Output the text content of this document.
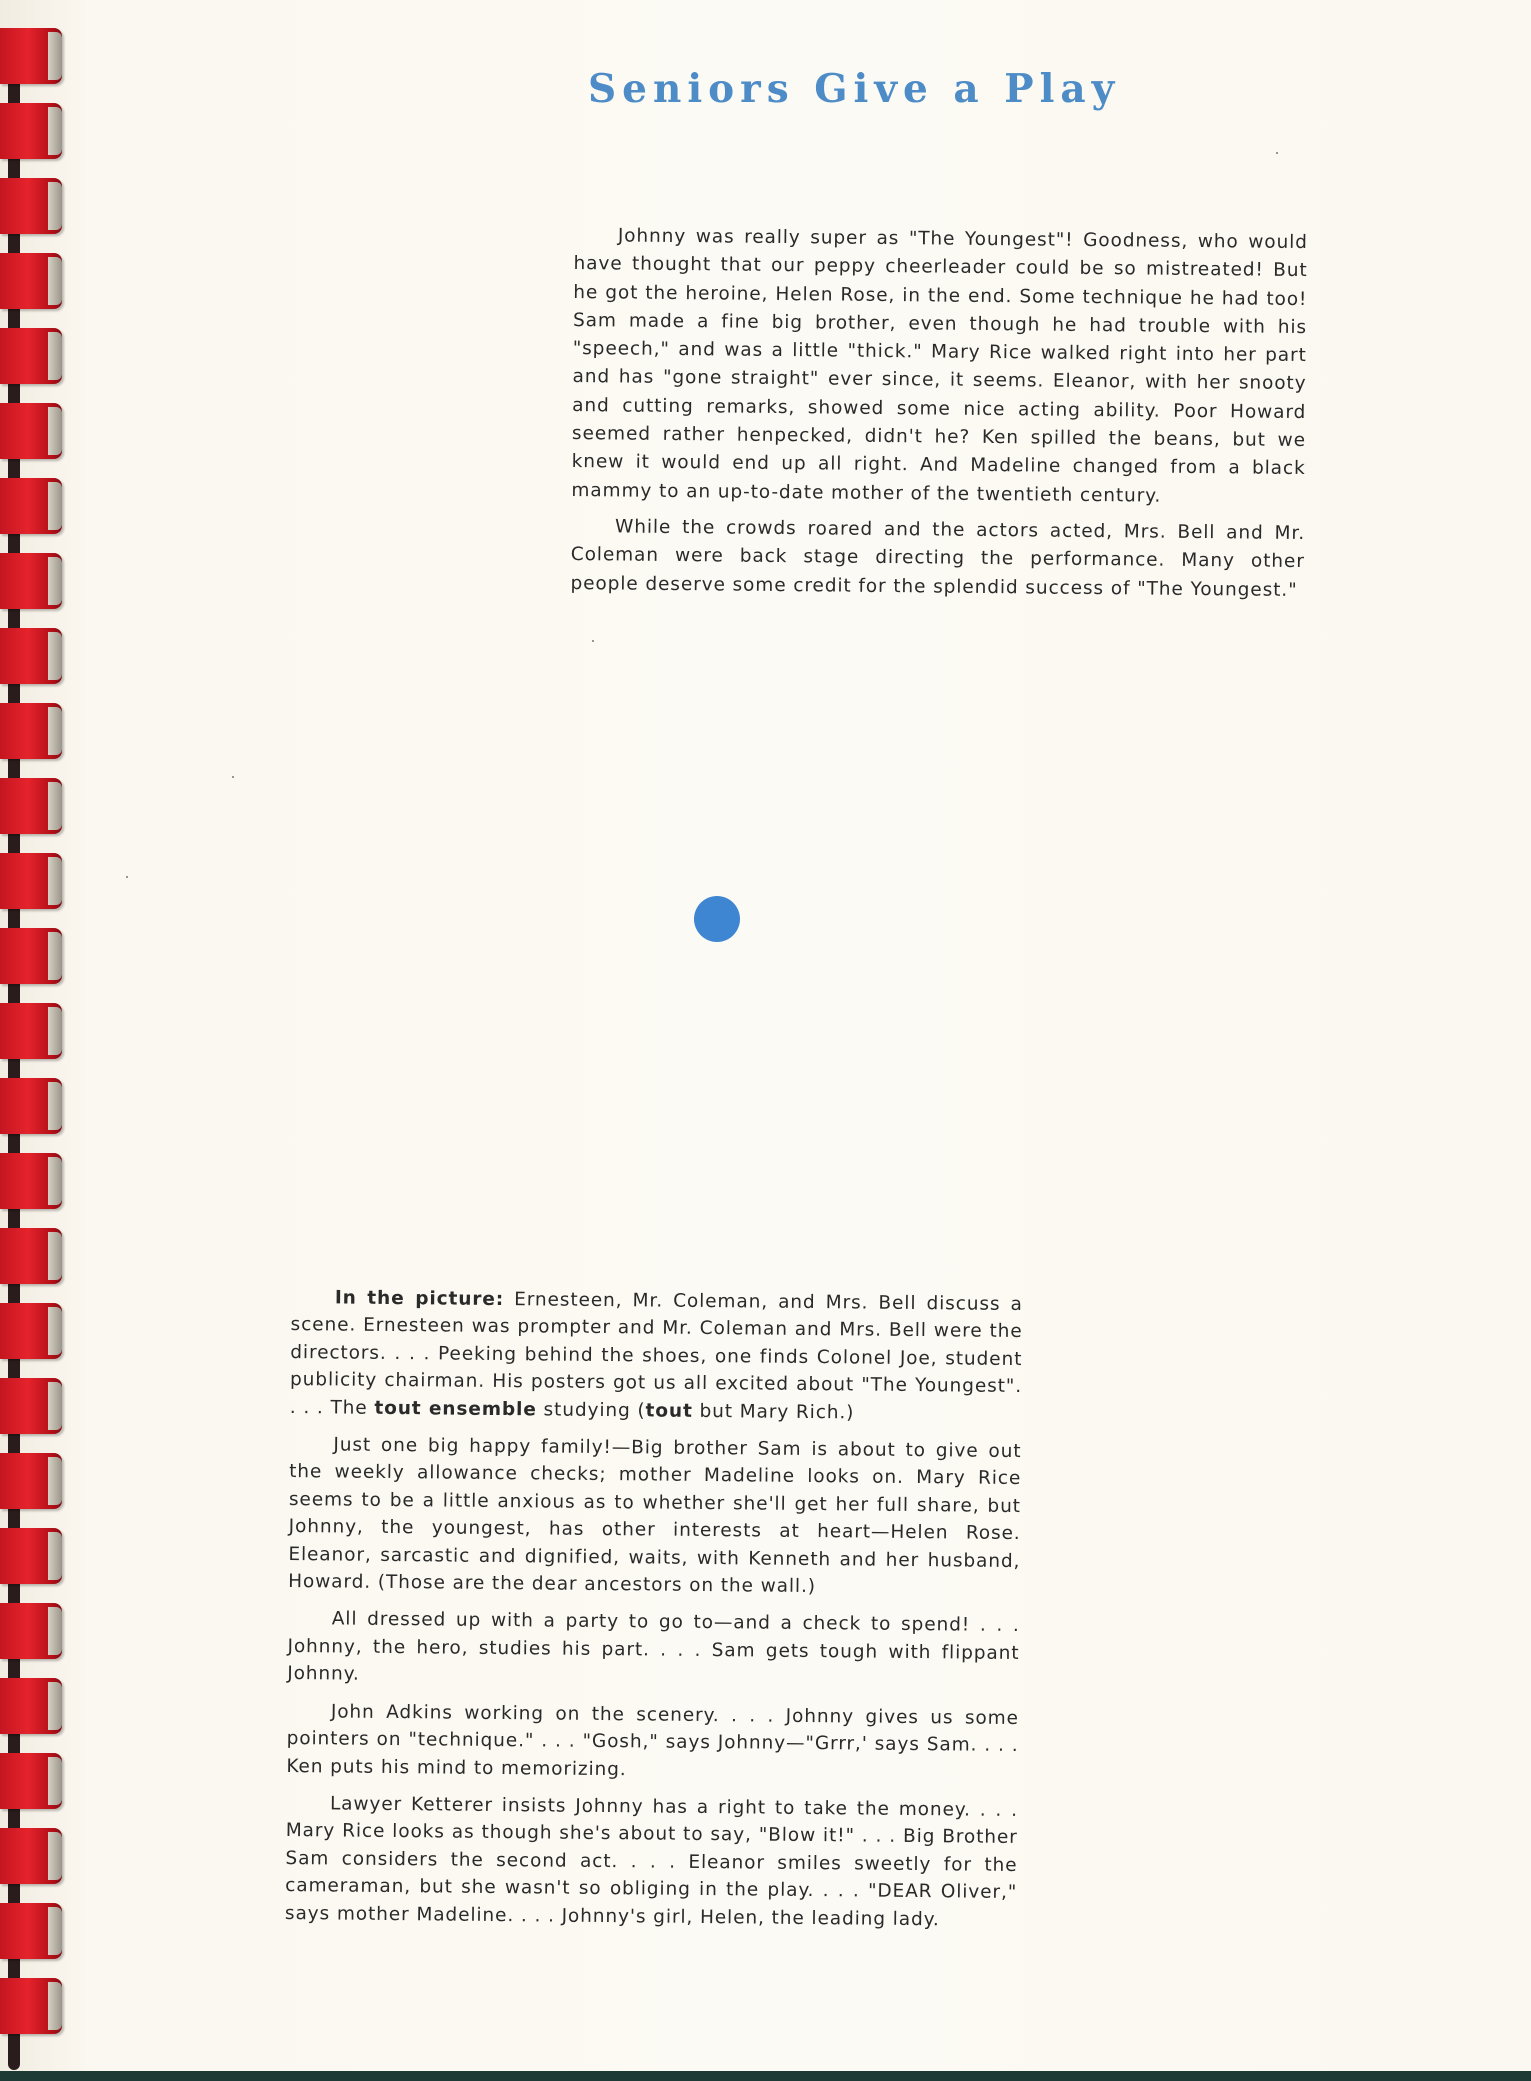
Seniors Give a Play

Johnny was really super as "The Youngest"! Goodness, who would have thought that our peppy cheerleader could be so mistreated! But he got the heroine, Helen Rose, in the end. Some technique he had too! Sam made a fine big brother, even though he had trouble with his "speech," and was a little "thick." Mary Rice walked right into her part and has "gone straight" ever since, it seems. Eleanor, with her snooty and cutting remarks, showed some nice acting ability. Poor Howard seemed rather henpecked, didn't he? Ken spilled the beans, but we knew it would end up all right. And Madeline changed from a black mammy to an up-to-date mother of the twentieth century.

While the crowds roared and the actors acted, Mrs. Bell and Mr. Coleman were back stage directing the performance. Many other people deserve some credit for the splendid success of "The Youngest."

In the picture: Ernesteen, Mr. Coleman, and Mrs. Bell discuss a scene. Ernesteen was prompter and Mr. Coleman and Mrs. Bell were the directors. . . . Peeking behind the shoes, one finds Colonel Joe, student publicity chairman. His posters got us all excited about "The Youngest". . . . The tout ensemble studying (tout but Mary Rich.)

Just one big happy family!—Big brother Sam is about to give out the weekly allowance checks; mother Madeline looks on. Mary Rice seems to be a little anxious as to whether she'll get her full share, but Johnny, the youngest, has other interests at heart—Helen Rose. Eleanor, sarcastic and dignified, waits, with Kenneth and her husband, Howard. (Those are the dear ancestors on the wall.)

All dressed up with a party to go to—and a check to spend! . . . Johnny, the hero, studies his part. . . . Sam gets tough with flippant Johnny.

John Adkins working on the scenery. . . . Johnny gives us some pointers on "technique." . . . "Gosh," says Johnny—"Grrr,' says Sam. . . . Ken puts his mind to memorizing.

Lawyer Ketterer insists Johnny has a right to take the money. . . . Mary Rice looks as though she's about to say, "Blow it!" . . . Big Brother Sam considers the second act. . . . Eleanor smiles sweetly for the cameraman, but she wasn't so obliging in the play. . . . "DEAR Oliver," says mother Madeline. . . . Johnny's girl, Helen, the leading lady.
